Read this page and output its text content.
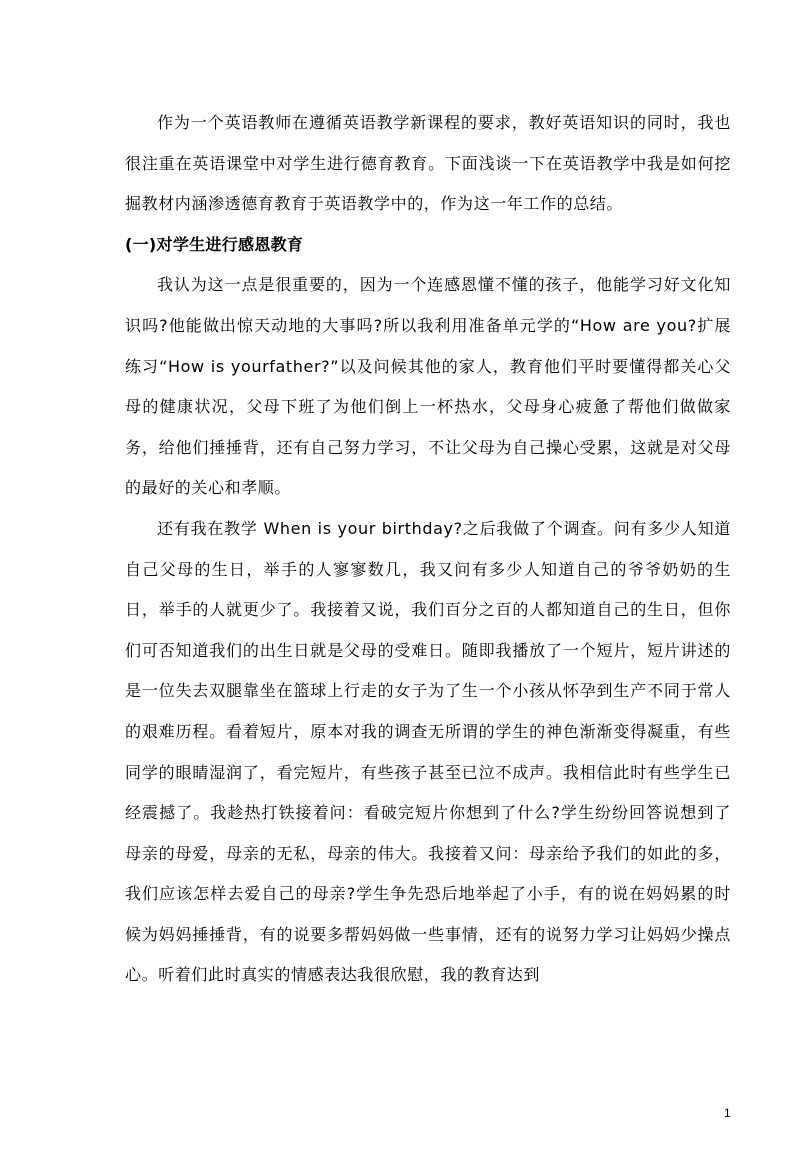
作为一个英语教师在遵循英语教学新课程的要求，教好英语知识的同时，我也很注重在英语课堂中对学生进行德育教育。下面浅谈一下在英语教学中我是如何挖掘教材内涵渗透德育教育于英语教学中的，作为这一年工作的总结。

(一)对学生进行感恩教育

我认为这一点是很重要的，因为一个连感恩懂不懂的孩子，他能学习好文化知识吗?他能做出惊天动地的大事吗?所以我利用准备单元学的“How are you?扩展练习“How is yourfather?”以及问候其他的家人，教育他们平时要懂得都关心父母的健康状况，父母下班了为他们倒上一杯热水，父母身心疲惫了帮他们做做家务，给他们捶捶背，还有自己努力学习，不让父母为自己操心受累，这就是对父母的最好的关心和孝顺。

还有我在教学 When is your birthday?之后我做了个调查。问有多少人知道自己父母的生日，举手的人寥寥数几，我又问有多少人知道自己的爷爷奶奶的生日，举手的人就更少了。我接着又说，我们百分之百的人都知道自己的生日，但你们可否知道我们的出生日就是父母的受难日。随即我播放了一个短片，短片讲述的是一位失去双腿靠坐在篮球上行走的女子为了生一个小孩从怀孕到生产不同于常人的艰难历程。看着短片，原本对我的调查无所谓的学生的神色渐渐变得凝重，有些同学的眼睛湿润了，看完短片，有些孩子甚至已泣不成声。我相信此时有些学生已经震撼了。我趁热打铁接着问：看破完短片你想到了什么?学生纷纷回答说想到了母亲的母爱，母亲的无私，母亲的伟大。我接着又问：母亲给予我们的如此的多，我们应该怎样去爱自己的母亲?学生争先恐后地举起了小手，有的说在妈妈累的时候为妈妈捶捶背，有的说要多帮妈妈做一些事情，还有的说努力学习让妈妈少操点心。听着们此时真实的情感表达我很欣慰，我的教育达到

1
